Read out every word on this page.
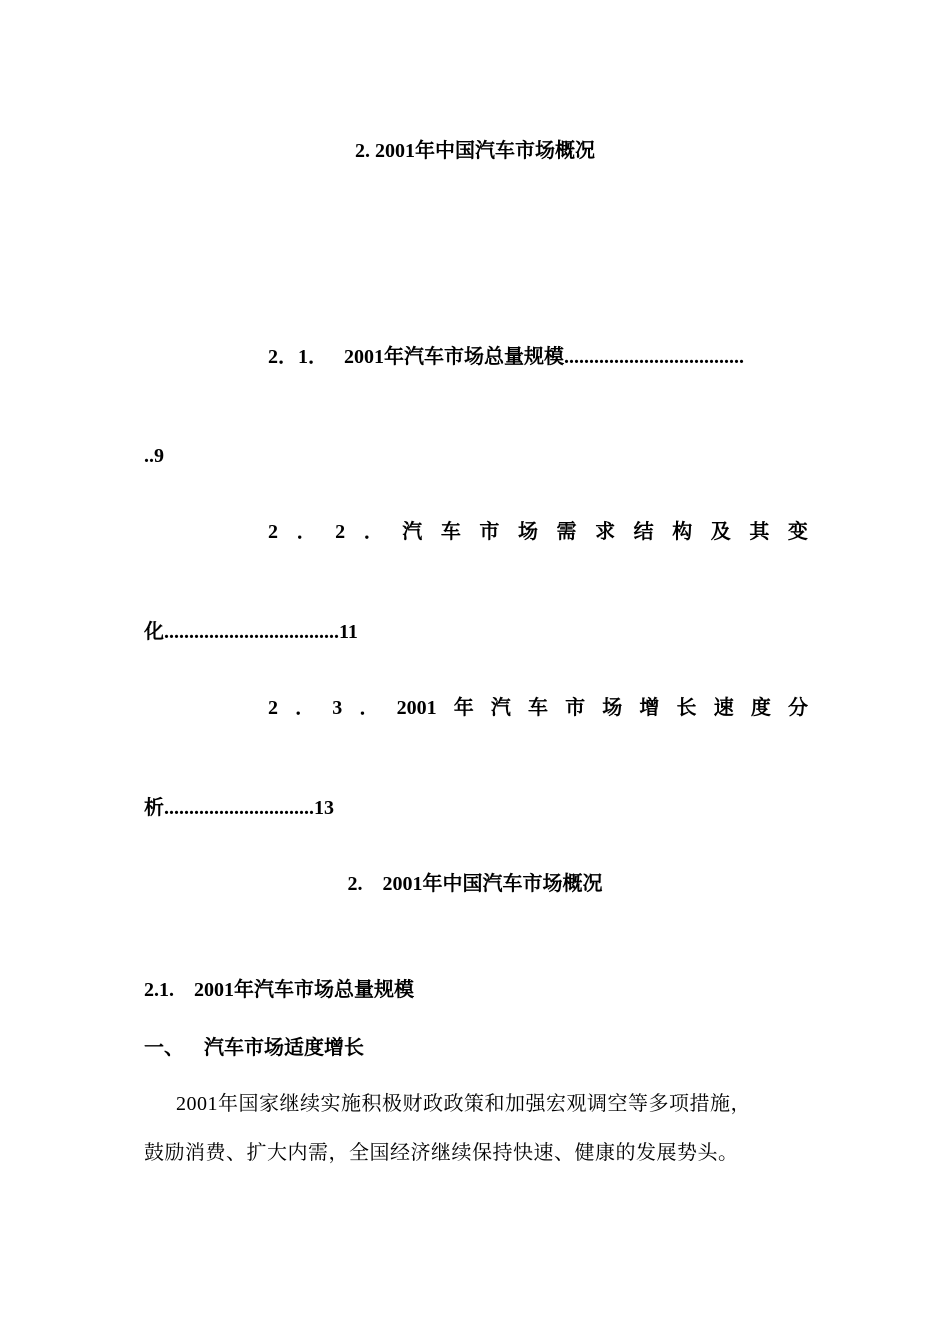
2. 2001年中国汽车市场概况
2．1． 2001年汽车市场总量规模....................................
..9
2 ． 2 ． 汽 车 市 场 需 求 结 构 及 其 变
化...................................11
2 ． 3 ． 2001 年 汽 车 市 场 增 长 速 度 分
析..............................13
2.    2001年中国汽车市场概况
2.1.    2001年汽车市场总量规模
一、    汽车市场适度增长
2001年国家继续实施积极财政政策和加强宏观调空等多项措施，
鼓励消费、扩大内需，全国经济继续保持快速、健康的发展势头。
